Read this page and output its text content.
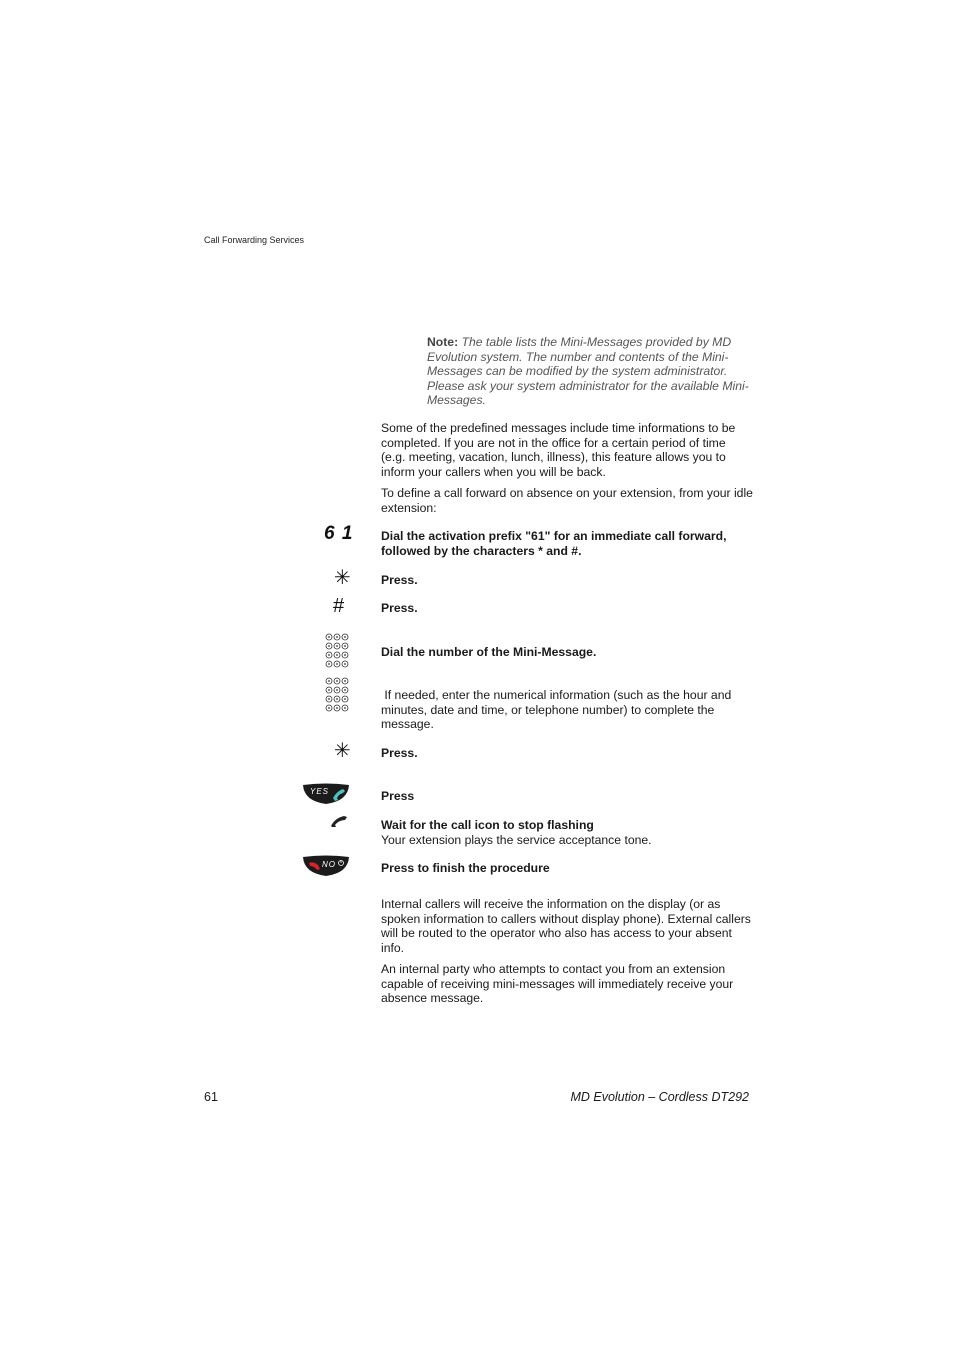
Call Forwarding Services
Note: The table lists the Mini-Messages provided by MD Evolution system. The number and contents of the Mini-Messages can be modified by the system administrator. Please ask your system administrator for the available Mini-Messages.
Some of the predefined messages include time informations to be completed. If you are not in the office for a certain period of time (e.g. meeting, vacation, lunch, illness), this feature allows you to inform your callers when you will be back.
To define a call forward on absence on your extension, from your idle extension:
6 1 Dial the activation prefix "61" for an immediate call forward, followed by the characters * and #.
✳ Press.
#	Press.
Dial the number of the Mini-Message.
If needed, enter the numerical information (such as the hour and minutes, date and time, or telephone number) to complete the message.
✳ Press.
YES	Press
Wait for the call icon to stop flashing
Your extension plays the service acceptance tone.
NO	Press to finish the procedure
Internal callers will receive the information on the display (or as spoken information to callers without display phone). External callers will be routed to the operator who also has access to your absent info.
An internal party who attempts to contact you from an extension capable of receiving mini-messages will immediately receive your absence message.
61	MD Evolution – Cordless DT292
